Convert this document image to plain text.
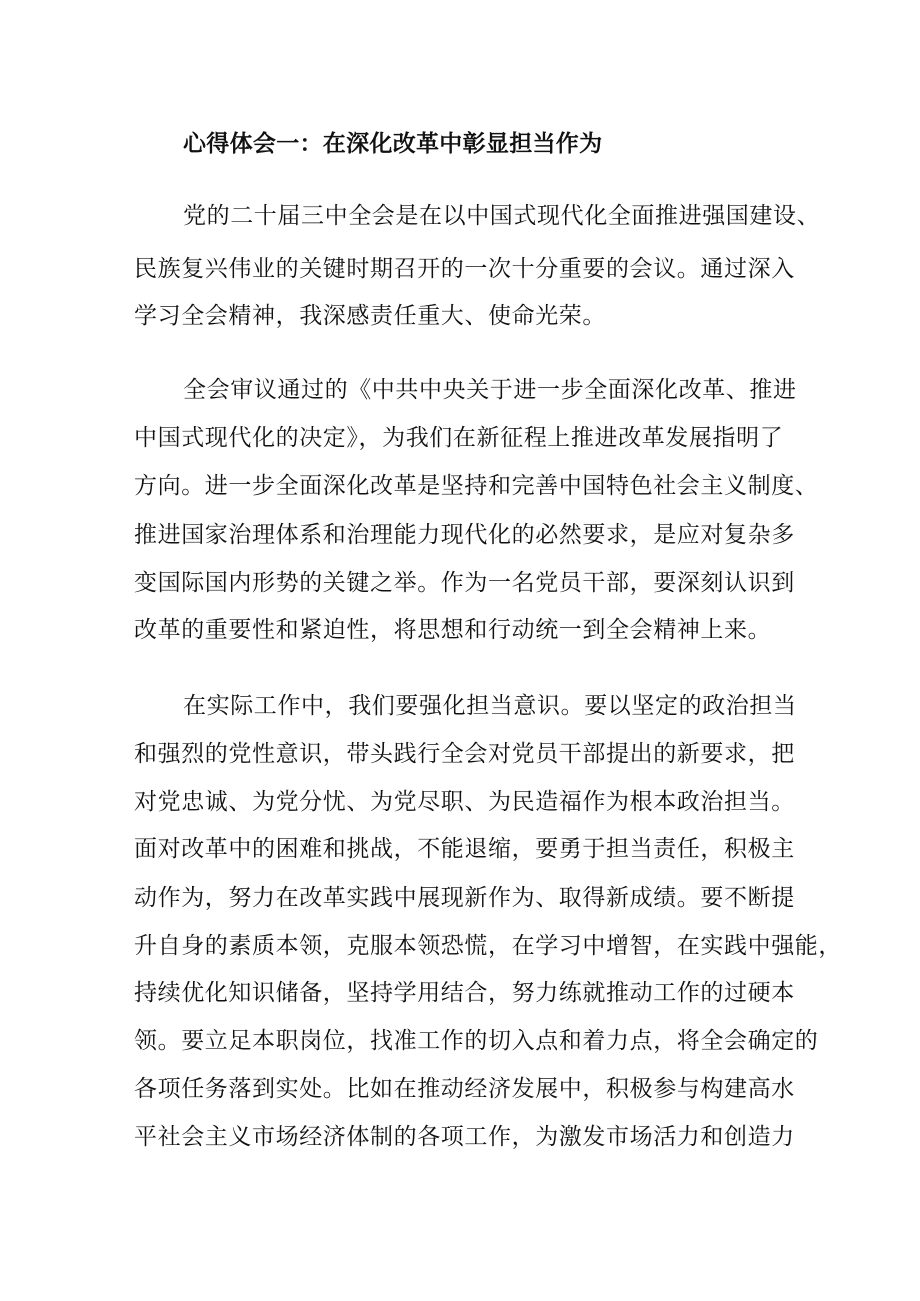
心得体会一：在深化改革中彰显担当作为

党的二十届三中全会是在以中国式现代化全面推进强国建设、

民族复兴伟业的关键时期召开的一次十分重要的会议。通过深入

学习全会精神，我深感责任重大、使命光荣。

全会审议通过的《中共中央关于进一步全面深化改革、推进

中国式现代化的决定》，为我们在新征程上推进改革发展指明了

方向。进一步全面深化改革是坚持和完善中国特色社会主义制度、

推进国家治理体系和治理能力现代化的必然要求，是应对复杂多

变国际国内形势的关键之举。作为一名党员干部，要深刻认识到

改革的重要性和紧迫性，将思想和行动统一到全会精神上来。

在实际工作中，我们要强化担当意识。要以坚定的政治担当

和强烈的党性意识，带头践行全会对党员干部提出的新要求，把

对党忠诚、为党分忧、为党尽职、为民造福作为根本政治担当。

面对改革中的困难和挑战，不能退缩，要勇于担当责任，积极主

动作为，努力在改革实践中展现新作为、取得新成绩。要不断提

升自身的素质本领，克服本领恐慌，在学习中增智，在实践中强能，

持续优化知识储备，坚持学用结合，努力练就推动工作的过硬本

领。要立足本职岗位，找准工作的切入点和着力点，将全会确定的

各项任务落到实处。比如在推动经济发展中，积极参与构建高水

平社会主义市场经济体制的各项工作，为激发市场活力和创造力
